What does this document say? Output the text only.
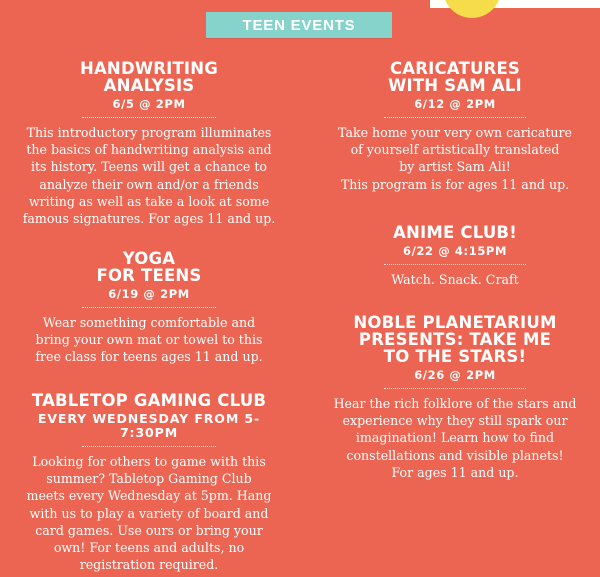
TEEN EVENTS
HANDWRITING
ANALYSIS
6/5 @ 2PM
This introductory program illuminates
the basics of handwriting analysis and
its history. Teens will get a chance to
analyze their own and/or a friends
writing as well as take a look at some
famous signatures. For ages 11 and up.
YOGA
FOR TEENS
6/19 @ 2PM
Wear something comfortable and
bring your own mat or towel to this
free class for teens ages 11 and up.
TABLETOP GAMING CLUB
EVERY WEDNESDAY FROM 5-7:30PM
Looking for others to game with this
summer? Tabletop Gaming Club
meets every Wednesday at 5pm. Hang
with us to play a variety of board and
card games. Use ours or bring your
own! For teens and adults, no
registration required.
CARICATURES
WITH SAM ALI
6/12 @ 2PM
Take home your very own caricature
of yourself artistically translated
by artist Sam Ali!
This program is for ages 11 and up.
ANIME CLUB!
6/22 @ 4:15PM
Watch. Snack. Craft
NOBLE PLANETARIUM
PRESENTS: TAKE ME
TO THE STARS!
6/26 @ 2PM
Hear the rich folklore of the stars and
experience why they still spark our
imagination! Learn how to find
constellations and visible planets!
For ages 11 and up.
